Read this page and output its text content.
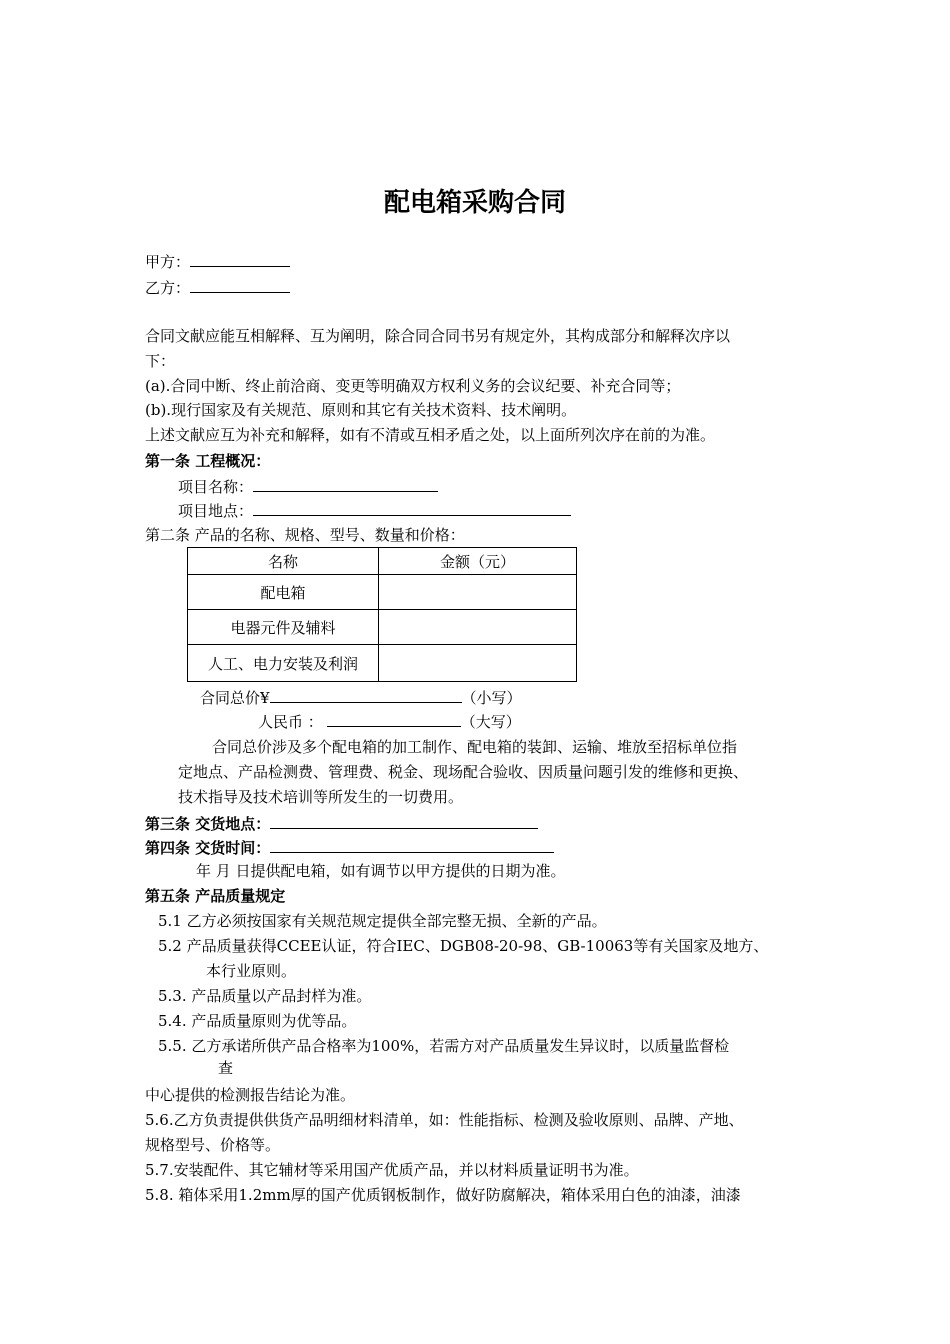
配电箱采购合同
甲方：
乙方：
合同文献应能互相解释、互为阐明，除合同合同书另有规定外，其构成部分和解释次序以
下：
(a).合同中断、终止前洽商、变更等明确双方权利义务的会议纪要、补充合同等；
(b).现行国家及有关规范、原则和其它有关技术资料、技术阐明。
上述文献应互为补充和解释，如有不清或互相矛盾之处，以上面所列次序在前的为准。
第一条 工程概况：
项目名称：
项目地点：
第二条 产品的名称、规格、型号、数量和价格：
名称	金额（元）
配电箱	
电器元件及辅料	
人工、电力安装及利润	
合同总价¥	（小写）
人民币 ：	（大写）
合同总价涉及多个配电箱的加工制作、配电箱的装卸、运输、堆放至招标单位指
定地点、产品检测费、管理费、税金、现场配合验收、因质量问题引发的维修和更换、
技术指导及技术培训等所发生的一切费用。
第三条 交货地点：
第四条 交货时间：
年 月 日提供配电箱，如有调节以甲方提供的日期为准。
第五条 产品质量规定
5.1 乙方必须按国家有关规范规定提供全部完整无损、全新的产品。
5.2 产品质量获得CCEE认证，符合IEC、DGB08-20-98、GB-10063等有关国家及地方、
本行业原则。
5.3. 产品质量以产品封样为准。
5.4. 产品质量原则为优等品。
5.5. 乙方承诺所供产品合格率为100%，若需方对产品质量发生异议时，以质量监督检
查
中心提供的检测报告结论为准。
5.6.乙方负责提供供货产品明细材料清单，如：性能指标、检测及验收原则、品牌、产地、
规格型号、价格等。
5.7.安装配件、其它辅材等采用国产优质产品，并以材料质量证明书为准。
5.8. 箱体采用1.2mm厚的国产优质钢板制作，做好防腐解决，箱体采用白色的油漆，油漆
